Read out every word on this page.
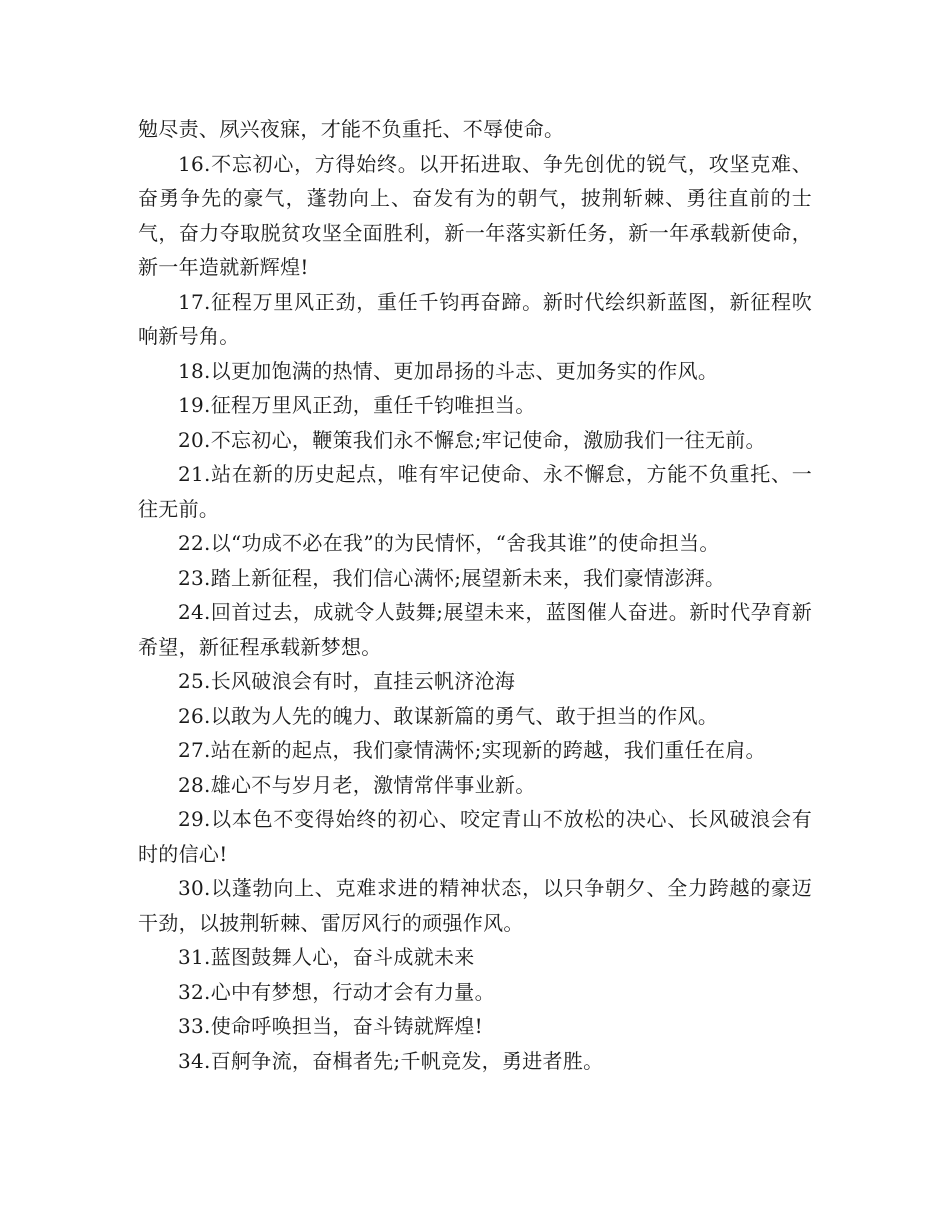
勉尽责、夙兴夜寐，才能不负重托、不辱使命。

16.不忘初心，方得始终。以开拓进取、争先创优的锐气，攻坚克难、奋勇争先的豪气，蓬勃向上、奋发有为的朝气，披荆斩棘、勇往直前的士气，奋力夺取脱贫攻坚全面胜利，新一年落实新任务，新一年承载新使命，新一年造就新辉煌!

17.征程万里风正劲，重任千钧再奋蹄。新时代绘织新蓝图，新征程吹响新号角。

18.以更加饱满的热情、更加昂扬的斗志、更加务实的作风。

19.征程万里风正劲，重任千钧唯担当。

20.不忘初心，鞭策我们永不懈怠;牢记使命，激励我们一往无前。

21.站在新的历史起点，唯有牢记使命、永不懈怠，方能不负重托、一往无前。

22.以“功成不必在我”的为民情怀，“舍我其谁”的使命担当。

23.踏上新征程，我们信心满怀;展望新未来，我们豪情澎湃。

24.回首过去，成就令人鼓舞;展望未来，蓝图催人奋进。新时代孕育新希望，新征程承载新梦想。

25.长风破浪会有时，直挂云帆济沧海

26.以敢为人先的魄力、敢谋新篇的勇气、敢于担当的作风。

27.站在新的起点，我们豪情满怀;实现新的跨越，我们重任在肩。

28.雄心不与岁月老，激情常伴事业新。

29.以本色不变得始终的初心、咬定青山不放松的决心、长风破浪会有时的信心!

30.以蓬勃向上、克难求进的精神状态，以只争朝夕、全力跨越的豪迈干劲，以披荆斩棘、雷厉风行的顽强作风。

31.蓝图鼓舞人心，奋斗成就未来

32.心中有梦想，行动才会有力量。

33.使命呼唤担当，奋斗铸就辉煌!

34.百舸争流，奋楫者先;千帆竞发，勇进者胜。
